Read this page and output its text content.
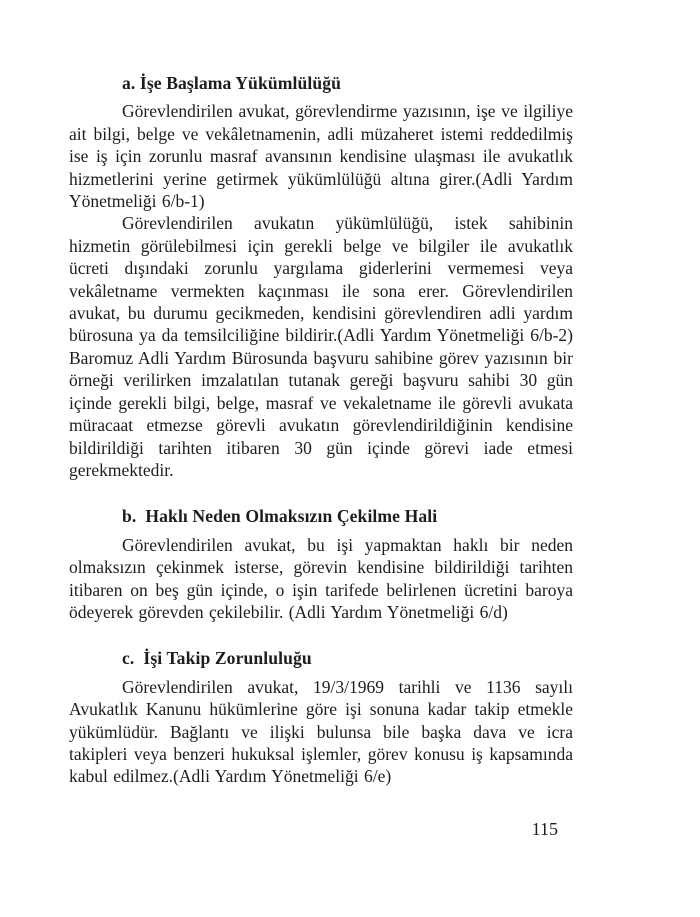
a. İşe Başlama Yükümlülüğü

Görevlendirilen avukat, görevlendirme yazısının, işe ve ilgiliye ait bilgi, belge ve vekâletnamenin, adli müzaheret istemi reddedilmiş ise iş için zorunlu masraf avansının kendisine ulaşması ile avukatlık hizmetlerini yerine getirmek yükümlülüğü altına girer.(Adli Yardım Yönetmeliği 6/b-1)

Görevlendirilen avukatın yükümlülüğü, istek sahibinin hizmetin görülebilmesi için gerekli belge ve bilgiler ile avukatlık ücreti dışındaki zorunlu yargılama giderlerini vermemesi veya vekâletname vermekten kaçınması ile sona erer. Görevlendirilen avukat, bu durumu gecikmeden, kendisini görevlendiren adli yardım bürosuna ya da temsilciliğine bildirir.(Adli Yardım Yönetmeliği 6/b-2) Baromuz Adli Yardım Bürosunda başvuru sahibine görev yazısının bir örneği verilirken imzalatılan tutanak gereği başvuru sahibi 30 gün içinde gerekli bilgi, belge, masraf ve vekaletname ile görevli avukata müracaat etmezse görevli avukatın görevlendirildiğinin kendisine bildirildiği tarihten itibaren 30 gün içinde görevi iade etmesi gerekmektedir.

b.  Haklı Neden Olmaksızın Çekilme Hali

Görevlendirilen avukat, bu işi yapmaktan haklı bir neden olmaksızın çekinmek isterse, görevin kendisine bildirildiği tarihten itibaren on beş gün içinde, o işin tarifede belirlenen ücretini baroya ödeyerek görevden çekilebilir. (Adli Yardım Yönetmeliği 6/d)

c.  İşi Takip Zorunluluğu

Görevlendirilen avukat, 19/3/1969 tarihli ve 1136 sayılı Avukatlık Kanunu hükümlerine göre işi sonuna kadar takip etmekle yükümlüdür. Bağlantı ve ilişki bulunsa bile başka dava ve icra takipleri veya benzeri hukuksal işlemler, görev konusu iş kapsamında kabul edilmez.(Adli Yardım Yönetmeliği 6/e)

115
